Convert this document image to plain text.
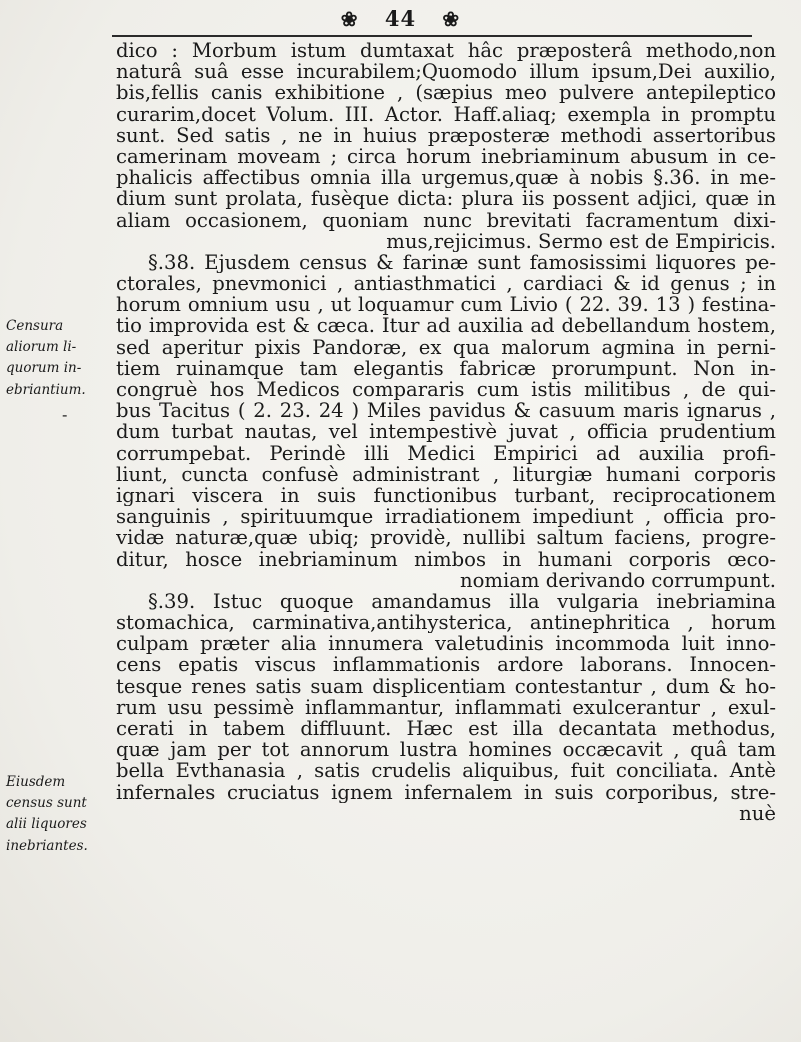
❀ 44 ❀
dico : Morbum istum dumtaxat hâc præposterâ methodo,non
naturâ suâ esse incurabilem;Quomodo illum ipsum,Dei auxilio,
bis,fellis canis exhibitione , (sæpius meo pulvere antepileptico
curarim,docet Volum. III. Actor. Haff.aliaq; exempla in promptu
sunt. Sed satis , ne in huius præposteræ methodi assertoribus
camerinam moveam ; circa horum inebriaminum abusum in ce-
phalicis affectibus omnia illa urgemus,quæ à nobis §.36. in me-
dium sunt prolata, fusèque dicta: plura iis possent adjici, quæ in
aliam occasionem, quoniam nunc brevitati facramentum dixi-
mus,rejicimus. Sermo est de Empiricis.
§.38. Ejusdem census & farinæ sunt famosissimi liquores pe-
ctorales, pnevmonici , antiasthmatici , cardiaci & id genus ; in
horum omnium usu , ut loquamur cum Livio ( 22. 39. 13 ) festina-
tio improvida est & cæca. Itur ad auxilia ad debellandum hostem,
sed aperitur pixis Pandoræ, ex qua malorum agmina in perni-
tiem ruinamque tam elegantis fabricæ prorumpunt. Non in-
congruè hos Medicos compararis cum istis militibus , de qui-
bus Tacitus ( 2. 23. 24 ) Miles pavidus & casuum maris ignarus ,
dum turbat nautas, vel intempestivè juvat , officia prudentium
corrumpebat. Perindè illi Medici Empirici ad auxilia profi-
liunt, cuncta confusè administrant , liturgiæ humani corporis
ignari viscera in suis functionibus turbant, reciprocationem
sanguinis , spirituumque irradiationem impediunt , officia pro-
vidæ naturæ,quæ ubiq; providè, nullibi saltum faciens, progre-
ditur, hosce inebriaminum nimbos in humani corporis œco-
nomiam derivando corrumpunt.
§.39. Istuc quoque amandamus illa vulgaria inebriamina
stomachica, carminativa,antihysterica, antinephritica , horum
culpam præter alia innumera valetudinis incommoda luit inno-
cens epatis viscus inflammationis ardore laborans. Innocen-
tesque renes satis suam displicentiam contestantur , dum & ho-
rum usu pessimè inflammantur, inflammati exulcerantur , exul-
cerati in tabem diffluunt. Hæc est illa decantata methodus,
quæ jam per tot annorum lustra homines occæcavit , quâ tam
bella Evthanasia , satis crudelis aliquibus, fuit conciliata. Antè
infernales cruciatus ignem infernalem in suis corporibus, stre-
nuè
Censura
aliorum li-
quorum in-
ebriantium.
-
Eiusdem
census sunt
alii liquores
inebriantes.
